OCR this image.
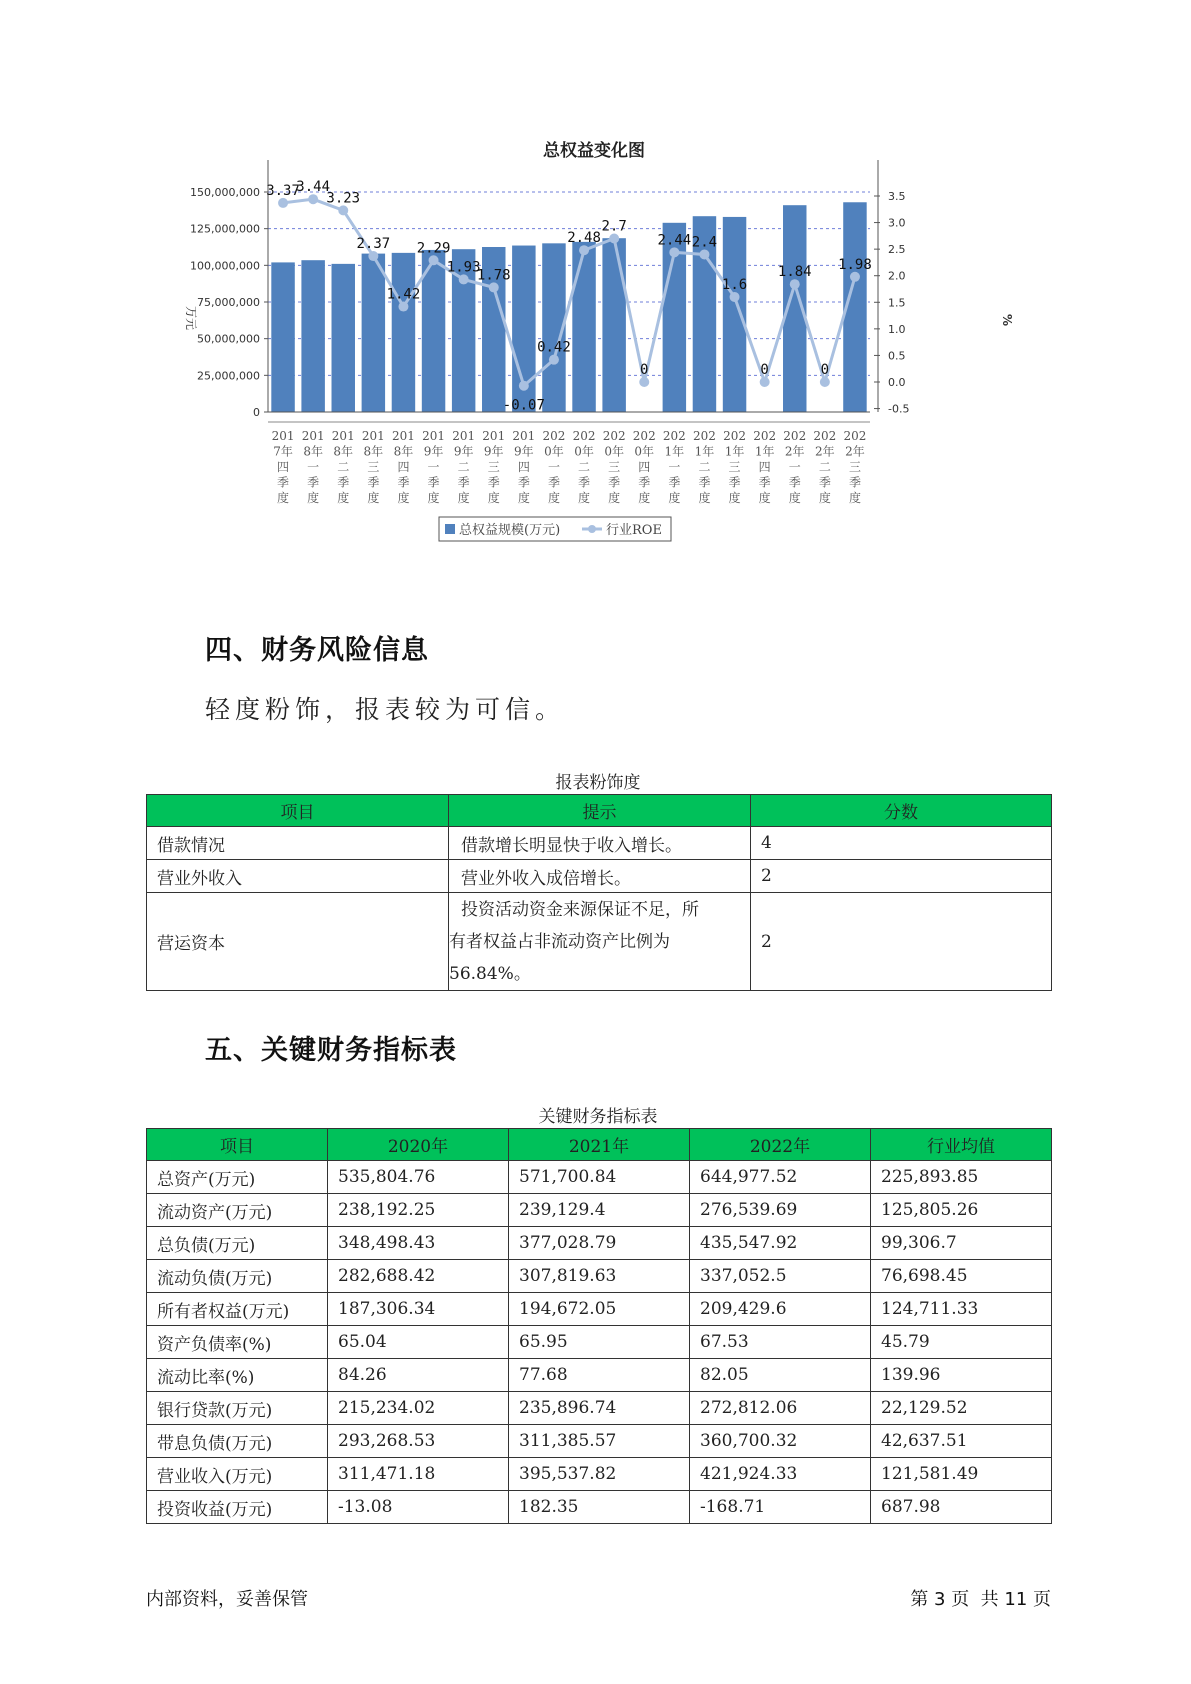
总权益变化图
万元	%
150,000,000
125,000,000
100,000,000
75,000,000
50,000,000
25,000,000
0
3.5
3.0
2.5
2.0
1.5
1.0
0.5
0.0
-0.5
3.37
3.44
3.23
2.37
1.42
2.29
1.93
1.78
-0.07
0.42
2.48
2.7
0
2.44 2.4
1.6
0
1.84
0
1.98
201
7年
四
季
度
201
8年
一
季
度
201
8年
二
季
度
201
8年
三
季
度
201
8年
四
季
度
201
9年
一
季
度
201
9年
二
季
度
201
9年
三
季
度
201
9年
四
季
度
202
0年
一
季
度
202
0年
二
季
度
202
0年
三
季
度
202
0年
四
季
度
202
1年
一
季
度
202
1年
二
季
度
202
1年
三
季
度
202
1年
四
季
度
202
2年
一
季
度
202
2年
二
季
度
202
2年
三
季
度
总权益规模(万元)	行业ROE
四、财务风险信息
轻度粉饰，报表较为可信。
报表粉饰度
项目	提示	分数
借款情况	借款增长明显快于收入增长。	4
营业外收入	营业外收入成倍增长。	2
营运资本	投资活动资金来源保证不足，所
有者权益占非流动资产比例为
56.84%。	2
五、关键财务指标表
关键财务指标表
项目	2020年	2021年	2022年	行业均值
总资产(万元)	535,804.76	571,700.84	644,977.52	225,893.85
流动资产(万元)	238,192.25	239,129.4	276,539.69	125,805.26
总负债(万元)	348,498.43	377,028.79	435,547.92	99,306.7
流动负债(万元)	282,688.42	307,819.63	337,052.5	76,698.45
所有者权益(万元)	187,306.34	194,672.05	209,429.6	124,711.33
资产负债率(%)	65.04	65.95	67.53	45.79
流动比率(%)	84.26	77.68	82.05	139.96
银行贷款(万元)	215,234.02	235,896.74	272,812.06	22,129.52
带息负债(万元)	293,268.53	311,385.57	360,700.32	42,637.51
营业收入(万元)	311,471.18	395,537.82	421,924.33	121,581.49
投资收益(万元)	-13.08	182.35	-168.71	687.98
内部资料，妥善保管	第 3 页  共 11 页
